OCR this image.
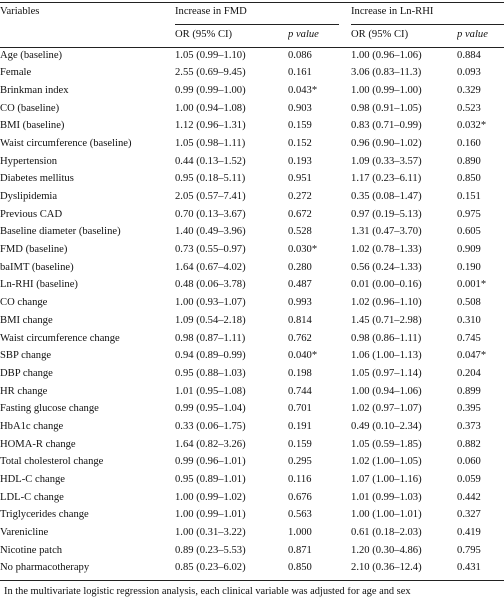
Variables	Increase in FMD		Increase in Ln-RHI	
	OR (95% CI)	p value	OR (95% CI)	p value
Age (baseline)	1.05 (0.99–1.10)	0.086	1.00 (0.96–1.06)	0.884
Female	2.55 (0.69–9.45)	0.161	3.06 (0.83–11.3)	0.093
Brinkman index	0.99 (0.99–1.00)	0.043*	1.00 (0.99–1.00)	0.329
CO (baseline)	1.00 (0.94–1.08)	0.903	0.98 (0.91–1.05)	0.523
BMI (baseline)	1.12 (0.96–1.31)	0.159	0.83 (0.71–0.99)	0.032*
Waist circumference (baseline)	1.05 (0.98–1.11)	0.152	0.96 (0.90–1.02)	0.160
Hypertension	0.44 (0.13–1.52)	0.193	1.09 (0.33–3.57)	0.890
Diabetes mellitus	0.95 (0.18–5.11)	0.951	1.17 (0.23–6.11)	0.850
Dyslipidemia	2.05 (0.57–7.41)	0.272	0.35 (0.08–1.47)	0.151
Previous CAD	0.70 (0.13–3.67)	0.672	0.97 (0.19–5.13)	0.975
Baseline diameter (baseline)	1.40 (0.49–3.96)	0.528	1.31 (0.47–3.70)	0.605
FMD (baseline)	0.73 (0.55–0.97)	0.030*	1.02 (0.78–1.33)	0.909
baIMT (baseline)	1.64 (0.67–4.02)	0.280	0.56 (0.24–1.33)	0.190
Ln-RHI (baseline)	0.48 (0.06–3.78)	0.487	0.01 (0.00–0.16)	0.001*
CO change	1.00 (0.93–1.07)	0.993	1.02 (0.96–1.10)	0.508
BMI change	1.09 (0.54–2.18)	0.814	1.45 (0.71–2.98)	0.310
Waist circumference change	0.98 (0.87–1.11)	0.762	0.98 (0.86–1.11)	0.745
SBP change	0.94 (0.89–0.99)	0.040*	1.06 (1.00–1.13)	0.047*
DBP change	0.95 (0.88–1.03)	0.198	1.05 (0.97–1.14)	0.204
HR change	1.01 (0.95–1.08)	0.744	1.00 (0.94–1.06)	0.899
Fasting glucose change	0.99 (0.95–1.04)	0.701	1.02 (0.97–1.07)	0.395
HbA1c change	0.33 (0.06–1.75)	0.191	0.49 (0.10–2.34)	0.373
HOMA-R change	1.64 (0.82–3.26)	0.159	1.05 (0.59–1.85)	0.882
Total cholesterol change	0.99 (0.96–1.01)	0.295	1.02 (1.00–1.05)	0.060
HDL-C change	0.95 (0.89–1.01)	0.116	1.07 (1.00–1.16)	0.059
LDL-C change	1.00 (0.99–1.02)	0.676	1.01 (0.99–1.03)	0.442
Triglycerides change	1.00 (0.99–1.01)	0.563	1.00 (1.00–1.01)	0.327
Varenicline	1.00 (0.31–3.22)	1.000	0.61 (0.18–2.03)	0.419
Nicotine patch	0.89 (0.23–5.53)	0.871	1.20 (0.30–4.86)	0.795
No pharmacotherapy	0.85 (0.23–6.02)	0.850	2.10 (0.36–12.4)	0.431
In the multivariate logistic regression analysis, each clinical variable was adjusted for age and sex
